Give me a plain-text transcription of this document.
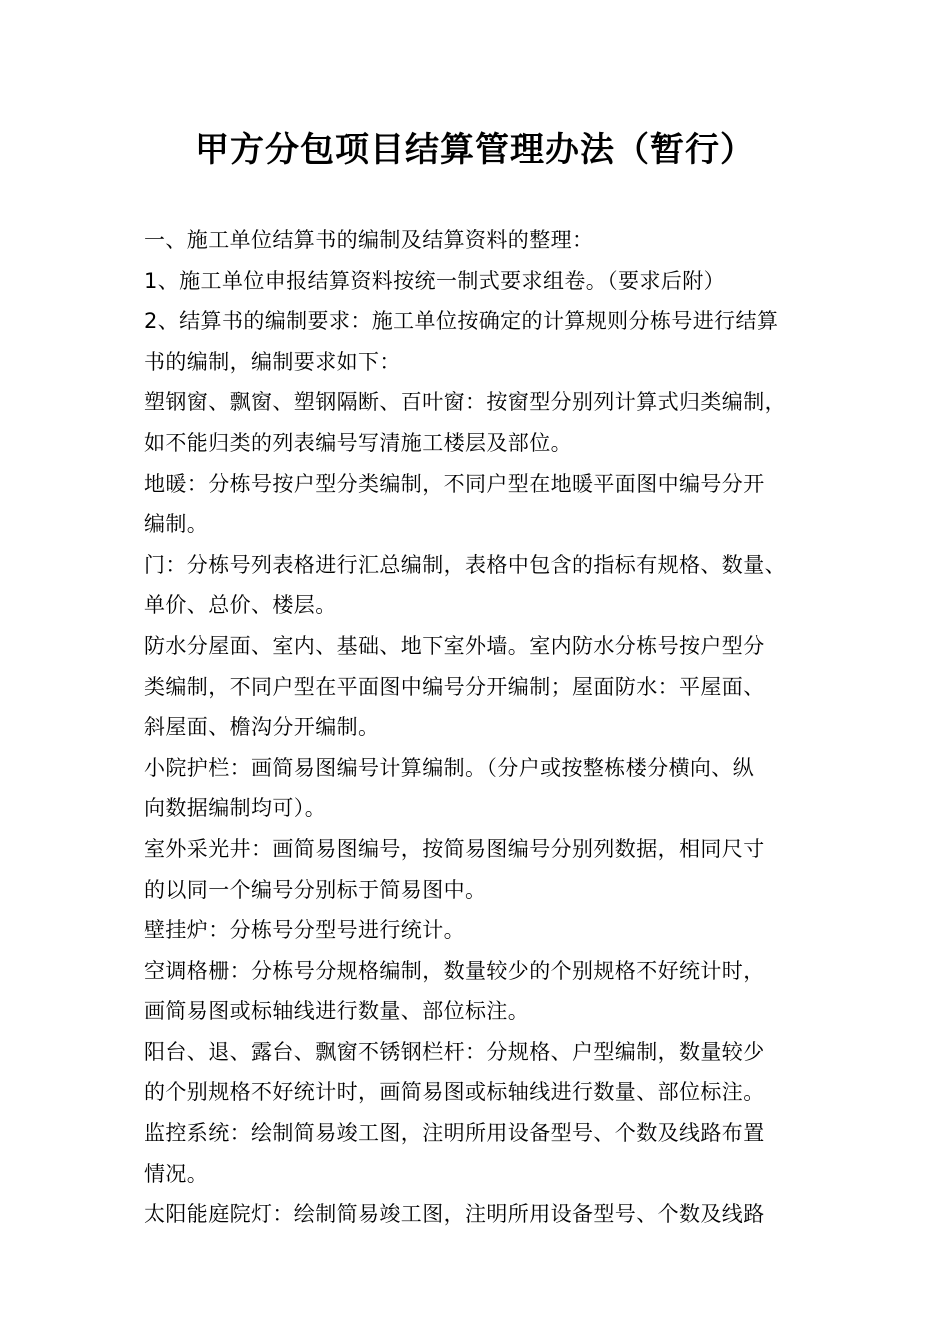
甲方分包项目结算管理办法（暂行）
一、施工单位结算书的编制及结算资料的整理：
1、施工单位申报结算资料按统一制式要求组卷。（要求后附）
2、结算书的编制要求：施工单位按确定的计算规则分栋号进行结算
书的编制，编制要求如下：
塑钢窗、飘窗、塑钢隔断、百叶窗：按窗型分别列计算式归类编制，
如不能归类的列表编号写清施工楼层及部位。
地暖：分栋号按户型分类编制，不同户型在地暖平面图中编号分开
编制。
门：分栋号列表格进行汇总编制，表格中包含的指标有规格、数量、
单价、总价、楼层。
防水分屋面、室内、基础、地下室外墙。室内防水分栋号按户型分
类编制，不同户型在平面图中编号分开编制；屋面防水：平屋面、
斜屋面、檐沟分开编制。
小院护栏：画简易图编号计算编制。（分户或按整栋楼分横向、纵
向数据编制均可）。
室外采光井：画简易图编号，按简易图编号分别列数据，相同尺寸
的以同一个编号分别标于简易图中。
壁挂炉：分栋号分型号进行统计。
空调格栅：分栋号分规格编制，数量较少的个别规格不好统计时，
画简易图或标轴线进行数量、部位标注。
阳台、退、露台、飘窗不锈钢栏杆：分规格、户型编制，数量较少
的个别规格不好统计时，画简易图或标轴线进行数量、部位标注。
监控系统：绘制简易竣工图，注明所用设备型号、个数及线路布置
情况。
太阳能庭院灯：绘制简易竣工图，注明所用设备型号、个数及线路
